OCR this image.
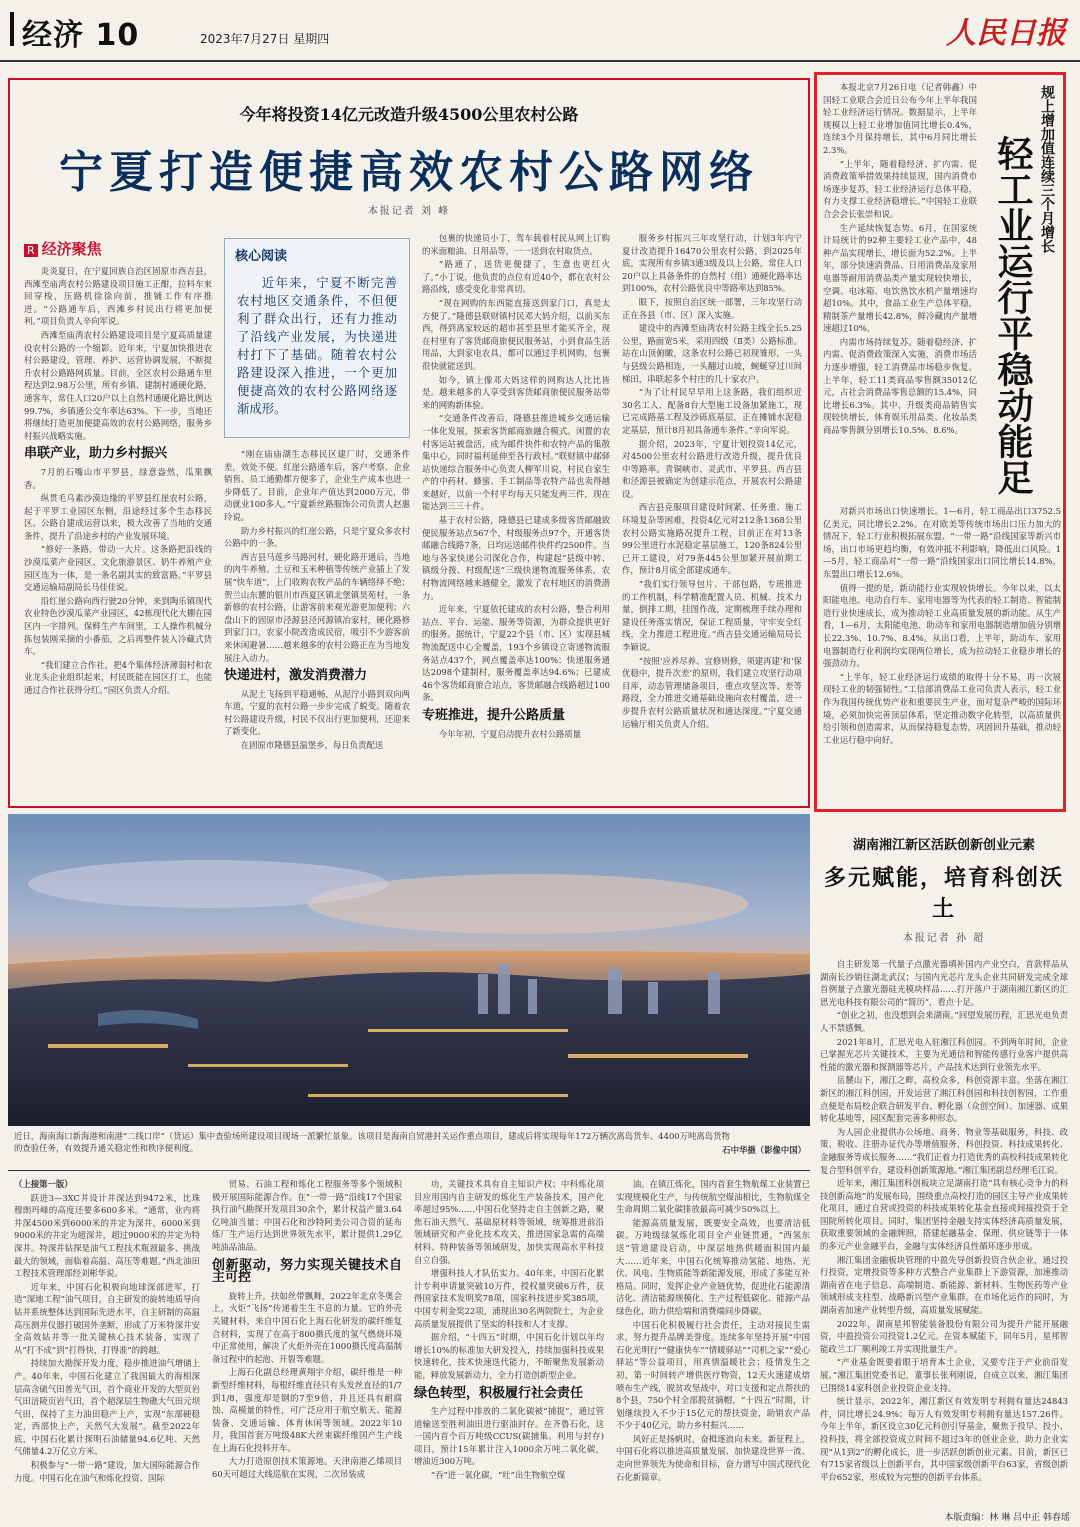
经济 10	2023年7月27日 星期四	人民日报
今年将投资14亿元改造升级4500公里农村公路
宁夏打造便捷高效农村公路网络
本报记者 刘 峰
R 经济聚焦

炎炎夏日，在宁夏回族自治区固原市西吉县，西滩至庙湾农村公路建设项目施工正酣，拉料车来回穿梭，压路机徐徐向前，推铺工作有序推进。“公路通车后，西滩乡村民出行将更加便利。”项目负责人辛向军说。

西滩至庙湾农村公路建设项目是宁夏高质量建设农村公路的一个缩影。近年来，宁夏加快推进农村公路建设，管理、养护、运营协调发展，不断提升农村公路路网质量。目前，全区农村公路通车里程达到2.98万公里，所有乡镇、建制村通硬化路，通客车，常住人口20户以上自然村通硬化路比例达99.7%，乡镇通公交车率达63%。下一步，当地还将继续打造更加便捷高效的农村公路网络，服务乡村振兴战略实施。

串联产业，助力乡村振兴

7月的石嘴山市平罗县，绿意盎然，瓜果飘香。

纵贯毛乌素沙漠边缘的平罗县红崖农村公路，起于平罗工业园区东侧，沿途经过多个生态移民区。公路自建成运营以来，极大改善了当地的交通条件，提升了沿途乡村的产业发展环境。

“修好一条路，带动一大片。这条路把沿线的沙漠瓜菜产业园区、文化旅游景区、奶牛养殖产业园区连为一体，是一条名副其实的致富路。”平罗县交通运输局副局长马佳佳说。

沿红崖公路向西行驶20分钟，来到陶乐镇现代农业特色沙漠瓜菜产业园区，42栋现代化大棚在园区内一字排列。保鲜生产车间里，工人操作机械分拣包装刚采摘的小番茄，之后再整件装入冷藏式货车。

“我们建立合作社，把4个集体经济薄弱村和农业龙头企业组织起来，村民既能在园区打工，也能通过合作社获得分红。”园区负责人介绍。

核心阅读
近年来，宁夏不断完善农村地区交通条件，不但便利了群众出行，还有力推动了沿线产业发展，为快递进村打下了基础。随着农村公路建设深入推进，一个更加便捷高效的农村公路网络逐渐成形。

“刚在庙庙湖生态移民区建厂时，交通条件差，效处不便。红崖公路通车后，客户考察、企业销售、员工通勤都方便多了，企业生产成本也进一步降低了。目前，企业年产值达到2000万元，带动就业100多人。”宁夏新丝路服饰公司负责人赵惠玲说。

助力乡村振兴的红崖公路，只是宁夏众多农村公路中的一条。

西吉县马莲乡马路河村，硬化路开通后，当地的肉牛养殖、土豆和玉米种植等传统产业插上了发展“快车道”，上门收购农牧产品的车辆络绎不绝；贺兰山东麓的银川市西夏区镇北堡镇昊苑村，一条新修的农村公路，让游客前来观光游更加便利；六盘山下的固原市泾源县泾河源镇冶家村，硬化路修到家门口，农家小院改造成民宿，吸引不少游客前来休闲避暑……越来越多的农村公路正在为当地发展注入动力。

快递进村，激发消费潜力

从泥土飞扬到平稳通畅，从泥泞小路到双向两车道，宁夏的农村公路一步步完成了蜕变。随着农村公路建设升级，村民不仅出行更加便利，还迎来了新变化。

在固原市隆德县温堡乡，每日负责配送

包裹的快递员小丁，驾车载着村民从网上订购的米面粮油、日用品等，一一送到农村取货点。

“路通了，送货更便捷了，生意也更红火了。”小丁说，他负责的点位有近40个，都在农村公路沿线，感受变化非常真切。

“现在网购的东西能直接送到家门口，真是太方便了。”隆德县联财镇村民邓大妈介绍，以前买东西，得到离家较远的超市甚至县里才能买齐全，现在村里有了客货邮商旅便民服务站，小到食品生活用品，大到家电农具，都可以通过手机网购，包裹很快就能送到。

如今，镇上像邓大妈这样的网购达人比比皆是。越来越多的人享受到客货邮商旅便民服务站带来的网购新体验。

“交通条件改善后，隆德县推进城乡交通运输一体化发展，探索客货邮商旅融合模式。闲置的农村客运站被盘活，成为邮件快件和农特产品的集散集中心，同时福利延伸至各行政村。”联财镇中邮驿站快递综合服务中心负责人柳军川说，村民自家生产的中药材、蜂蜜、手工制品等农特产品也卖得越来越好，以前一个村平均每天只能发两三件，现在能达到三三十件。

基于农村公路，隆德县已建成多级客货邮融致便民服务站点567个，村级服务点97个，开通客货邮融合线路7条，日均运送邮件快件约2500件。当地与各家快递公司深化合作，构建起“县级中转、镇级分拨、村级配送”三级快递物流服务体系，农村物流网络越来越健全，激发了农村地区的消费潜力。

近年来，宁夏依托建成的农村公路，整合利用站点、平台、运能、服务等资源，为群众提供更好的服务。据统计，宁夏22个县（市、区）实现县城物流配送中心全覆盖，193个乡镇设立寄递物流服务站点437个，网点覆盖率达100%；快递服务通达2098个建制村，服务覆盖率达94.6%；已建成46个客货邮商旅合站点，客货邮融合线路超过100条。

专班推进，提升公路质量

今年年初，宁夏启动提升农村公路质量

服务乡村振兴三年攻坚行动，计划3年内宁夏计改造提升16470公里农村公路，到2025年底，实现所有乡镇3通3级及以上公路，常住人口20户以上具备条件的自然村（组）通硬化路率达到100%，农村公路优良中等路率达到85%。

眼下，按照自治区统一部署，三年攻坚行动正在各县（市、区）深入实施。

建设中的西滩至庙湾农村公路主线全长5.25公里，路面宽5米，采用四级（Ⅱ类）公路标准。站在山顶俯瞰，这条农村公路已初现雏形，一头与县级公路相连，一头翻过山坡，蜿蜒穿过川间梯田，串联起多个村庄的几十家农户。

“为了让村民早早用上这条路，我们组织近30名工人、配备8台大型施工设备加紧施工，现已完成路基工程及沙砾底基层，正在摊铺水泥稳定基层，预计8月初具备通车条件。”辛向军说。

据介绍，2023年，宁夏计划投资14亿元，对4500公里农村公路进行改造升级，提升优良中等路率。青铜峡市、灵武市、平罗县、西吉县和泾源县被确定为创建示范点，开展农村公路建设。

西吉县克服项目建设时间紧、任务重、施工环境复杂等困难，投资4亿元对212条1368公里农村公路实施路况提升工程，目前正在对13条99公里进行水泥稳定基层施工，120条824公里已开工建设，对79条445公里加紧开展前期工作，预计8月底全部建成通车。

“我们实行领导包片、干部包路，专班推进的工作机制，科学精准配置人员、机械、技术力量，倒排工期，挂图作战，定期梳理手续办理和建设任务落实情况，保证工程质量，守牢安全红线，全力推进工程进度。”西吉县交通运输局局长李颖说。

“按照‘应养尽养、宜修则修，须建再建’和‘保优稳中，提升次差’的原则，我们建立攻坚行动项目库，动态管理储备项目，重点攻坚次等、差等路段，全力推进交通基础设施向农村覆盖，进一步提升农村公路质量状况和通达深度。”宁夏交通运输厅相关负责人介绍。

规上增加值连续三个月增长
轻工业运行平稳动能足

本报北京7月26日电（记者韩鑫）中国轻工业联合会近日公布今年上半年我国轻工业经济运行情况。数据显示，上半年规模以上轻工业增加值同比增长0.4%，连续3个月保持增长，其中6月同比增长2.3%。

“上半年，随着稳经济、扩内需、促消费政策举措效果持续显现，国内消费市场逐步复苏，轻工业经济运行总体平稳，有力支撑工业经济稳增长。”中国轻工业联合会会长张崇和说。

生产延续恢复态势。6月，在国家统计局统计的92种主要轻工业产品中，48种产品实现增长，增长面为52.2%。上半年，部分快速消费品、日用消费品及家用电器等耐用消费品类产量实现较快增长，空调、电冰箱、电饮热饮水机产量增速均超10%。其中，食品工业生产总体平稳，精制茶产量增长42.8%，鲜冷藏肉产量增速超过10%。

内需市场持续复苏。随着稳经济、扩内需、促消费政策深入实施，消费市场活力逐步增强，轻工消费品市场稳步恢复。上半年，轻工11类商品零售额35012亿元，占社会消费品零售总额的15.4%，同比增长6.3%。其中，升级类商品销售实现较快增长，体育娱乐用品类、化妆品类商品零售额分别增长10.5%、8.6%。

对新兴市场出口快速增长。1—6月，轻工商品出口3752.5亿美元，同比增长2.2%。在对欧美等传统市场出口压力加大的情况下，轻工行业积极拓展东盟、“一带一路”沿线国家等新兴市场，出口市场更趋均衡，有效冲抵不利影响，降低出口风险。1—5月，轻工商品对“一带一路”沿线国家出口同比增长14.8%，东盟出口增长12.6%。

值得一提的是，新动能行业实现较快增长。今年以来，以太阳能电池、电动自行车、家用电器等为代表的轻工制造、智能制造行业快速成长，成为推动轻工业高质量发展的新动能。从生产看，1—6月，太阳能电池、助动车和家用电器制造增加值分别增长22.3%、10.7%、8.4%。从出口看，上半年，助动车、家用电器制造行业利润均实现两位增长，成为拉动轻工业稳步增长的强劲动力。

“上半年，轻工业经济运行成绩的取得十分不易，再一次展现轻工业的韧强韧性。”工信部消费品工业司负责人表示，轻工业作为我国传统优势产业和重要民生产业，面对复杂严峻的国际环境，必须加快完善顶层体系，坚定推动数字化转型，以高质量供给引领和创造需求，从而保持稳复态势，巩固回升基础，推动轻工业运行稳中向好。

近日，海南海口新海港和南港“二线口岸”（货运）集中查验场所建设项目现场一派繁忙景象。该项目是海南自贸港封关运作重点项目，建成后将实现每年172万辆次离岛货车、4400万吨离岛货物的查验任务，有效提升通关稳定性和秩序便利度。	石中华摄（影像中国）
湖南湘江新区活跃创新创业元素
多元赋能，培育科创沃土
本报记者 孙 超

自主研发第一代量子点激光器填补国内产业空白，首款样品从湖南长沙销往湖北武汉；与国内光芯片龙头企业共同研发完成全球首例量子点激光器硅光模块样品……打开落户于湖南湘江新区的汇思光电科技有限公司的“简历”，看点十足。

“创业之初，也没想到会来湖南。”回望发展历程，汇思光电负责人不禁感慨。

2021年8月，汇思光电入驻湘江科创园。不到两年时间，企业已掌握光芯片关键技术，主要为光通信和智能传感行业客户提供高性能的激光器和探测器等芯片，产品技术达到行业领先水平。

岳麓山下，湘江之畔，高校众多，科创资源丰富。坐落在湘江新区的湘江科创园，开发运营了湘江科创园和科技创智园，工作重点便是布局校企联合研发平台、孵化器（众创空间）、加速器、成果转化基地等，园区配套完善多种形态。

为人园企业提供办公场地、商务、物业等基础服务，科技、政策、税收、注册办证代办等增值服务，科创投资、科技成果转化、金融服务等成长服务……“我们正着力打造优秀的高校科技成果转化复合型科创平台，建设科创新策源地。”湘江集团副总经理毛江说。

近年来，湘江集团科创板块立足湖南打造“具有核心竞争力的科技创新高地”的发展布局，围绕重点高校打造的园区主导产业成果转化项目，通过自营或投资的科技成果转化基金直接或间接投资于全国院所转化项目。同时，集团坚持金融支持实体经济高质量发展，获取重要领域的金融牌照，搭建起融基金、保理、供应链等于一体的多元产业金融平台，金融与实体经济良性循环逐步形成。

湘江集团金融板块管理的中盈先导创新投资合伙企业，通过投行投资，定增投资等多种方式整合产业集群上下游资源，加速推动湖南省在电子信息、高端制造、新能源、新材料、生物医药等产业领域形成支柱型、战略新兴型产业集群。在市场化运作的同时，为湖南省加速产业转型升级，高质量发展赋能。

2022年，湖南星邦智能装备股份有限公司为提升产能开展融资，中盈投资公司投资1.2亿元。在资本赋能下，同年5月，星邦智能政兰工厂顺利竣工并实现批量生产。

“产业基金既要着眼于培育本土企业，又要专注于产业前沿发展。”湘江集团党委书记，董事长张利刚说，自成立以来，湘江集团已围绕14家科创企业投资企业支持。

统计显示，2022年，湘江新区有效发明专利拥有量达24843件，同比增长24.9%；每万人有效发明专利拥有量达157.26件。今年上半年，新区设立30亿元科创引导基金，聚焦于投早、投小、投科技，将全部投资成立时间不超过3年的创业企业，助力企业实现“从1到2”的孵化成长，进一步活跃创新创业元素。目前，新区已有715家省级以上创新平台，其中国家级创新平台63家，省级创新平台652家，形成较为完整的创新平台体系。

（上接第一版）

跃进3—3XC井设计井深达到9472米，比珠穆朗玛峰的高度还要多600多米。“通常，业内将井深4500米到6000米的井定为深井，6000米到9000米的井定为超深井，超过9000米的井定为特深井。特深井钻探是油气工程技术瓶颈最多、挑战最大的领域，面临着高温、高压等难题。”西北油田工程技术管理部经刘彬华说。

近年来，中国石化积极向地球深部进军，打造“深地工程”油气项目，自主研发的旋转地质导向钻井系统整体达到国际先进水平，自主研制的高温高压测井仪器打破国外垄断，形成了万米特深井安全高效钻井等一批关键核心技术装备，实现了从“打不成”到“打得快，打得准”的跨越。

持续加大勘探开发力度，稳步推进油气增储上产。40年来，中国石化建立了我国最大的海相深层高含硫气田普光气田，首个商业开发的大型页岩气田涪陵页岩气田，首个超深层生物礁大气田元坝气田，保持了主力油田稳产上产，实现“东部硬稳定，西部快上产，天然气大发展”。截至2022年底，中国石化累计探明石油储量94.6亿吨、天然气储量4.2万亿立方米。

积极参与“一带一路”建设，加大国际能源合作力度。中国石化在油气和炼化投资、国际

贸易、石油工程和炼化工程服务等多个领域积极开展国际能源合作。在“一带一路”沿线17个国家执行油气勘探开发项目30余个，累计权益产量3.64亿吨油当量；中国石化和沙特阿美公司合资的延布炼厂生产运行达到世界领先水平，累计提供1.29亿吨油品油品。

创新驱动，努力实现关键技术自主可控

旋转上升，扶如丝带飘舞，2022年北京冬奥会上，火炬“飞扬”传递着生生不息的力量。它的外壳关键材料，来自中国石化上海石化研发的碳纤维复合材料，实现了在高于800摄氏度的氢气燃烧环境中正常使用，解决了火炬外壳在1000摄氏度高温制备过程中的起泡、开裂等难题。

上海石化副总经理黄翔宇介绍，碳纤维是一种新型纤维材料，每根纤维直径只有头发丝直径的1/7到1/8，强度却是钢的7至9倍，并且还具有耐腐蚀、高模量的特性，可广泛应用于航空航天、能源装备、交通运输、体育休闲等领域。2022年10月，我国首套万吨级48K大丝束碳纤维国产生产线在上海石化投料开车。

大力打造原创技术策源地。天津南港乙烯项目60天可超过大线巡航在实现，二次吊装成

功，关键技术具有自主知识产权；中科炼化项目应用国内自主研发的炼化生产装备技术，国产化率超过95%……中国石化坚持走自主创新之路，聚焦石油天然气、基础原材料等领域，统筹推进前沿领域研究和产业化技术攻关，推进国家急需的高端材料、特种装备等领域研发，加快实现高水平科技自立自强。

增强科技人才队伍实力。40年来，中国石化累计专利申请量突破10万件，授权量突破6万件，获得国家技术发明奖78项，国家科技进步奖385项，中国专利金奖22项，涌现出30名两院院士，为企业高质量发展提供了坚实的科技和人才支撑。

据介绍，“十四五”时期，中国石化计划以年均增长10%的标准加大研发投入，持续加强科技成果快速转化，技术快速迭代能力，不断聚焦发展新动能，释放发展新动力，全力打造创新型企业。

绿色转型，积极履行社会责任

生产过程中排放的二氧化碳被“捕捉”，通过管道输送至胜利油田进行驱油封存。在齐鲁石化，这一国内首个百万吨级CCUS(碳捕集、利用与封存)项目，预计15年累计注入1000余万吨二氧化碳，增油近300万吨。

“吞”进一氧化碳，“吐”出生物航空煤

油。在镇江炼化，国内首套生物航煤工业装置已实现规模化生产，与传统航空煤油相比，生物航煤全生命周期二氧化碳排放最高可减少50%以上。

能源高质量发展，既要安全高效，也要清洁低碳。万吨级绿氢炼化项目全产业链贯通，“西氢东送”管道建设启动，中深层地热供暖面积国内最大……近年来，中国石化统筹推动氢能、地热、光伏、风电、生物质能等新能源发展，形成了多能互补格局。同时，发挥企业产业链优势，促进化石能源清洁化、清洁能源规模化、生产过程低碳化、能源产品绿色化，助力供给端和消费端同步降碳。

中国石化积极履行社会责任，主动对接民生需求，努力提升品牌美誉度。连续多年坚持开展“中国石化光明行”“健康快车”“情暖驿站”“司机之家”“爱心驿站”等公益项目，用真情温暖社会；疫情发生之初，第一时间转产增供医疗物资，12天火速建成熔喷布生产线，脱贫攻坚战中，对口支援和定点帮扶的8个县，750个村全部脱贫摘帽，“十四五”时期，计划继续投入不少于15亿元的帮扶资金，助销农产品不少于40亿元，助力乡村振兴……

风好正是扬帆时，奋楫逐浪向未来。新征程上，中国石化将以推进高质量发展、加快建设世界一流、走向世界领先为使命和目标，奋力谱写中国式现代化石化新篇章。

本版责编：林 琳 吕中正 韩春瑶
